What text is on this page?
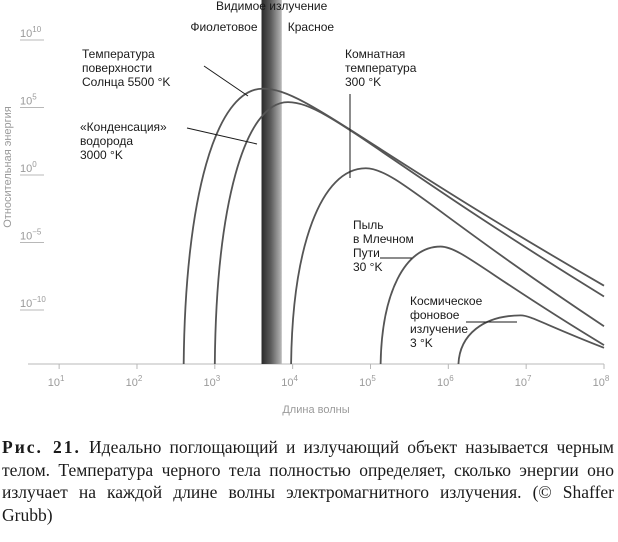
$10^{10}$
$10^5$
$10^0$
$10^{-5}$
$10^{-10}$
$10^1$	$10^2$	$10^3$	$10^4$	$10^5$	$10^6$	$10^7$	$10^8$
Относительная энергия
Длина волны
Видимое излучение
Фиолетовое	Красное
Температура
поверхности
Солнца 5500 °K
«Конденсация»
водорода
3000 °K
Комнатная
температура
300 °K
Пыль
в Млечном
Пути
30 °K
Космическое
фоновое
излучение
3 °K
Рис. 21. Идеально поглощающий и излучающий объект называется черным телом. Температура черного тела полностью определяет, сколько энергии оно излучает на каждой длине волны электромагнитного излучения. (© Shaffer Grubb)
